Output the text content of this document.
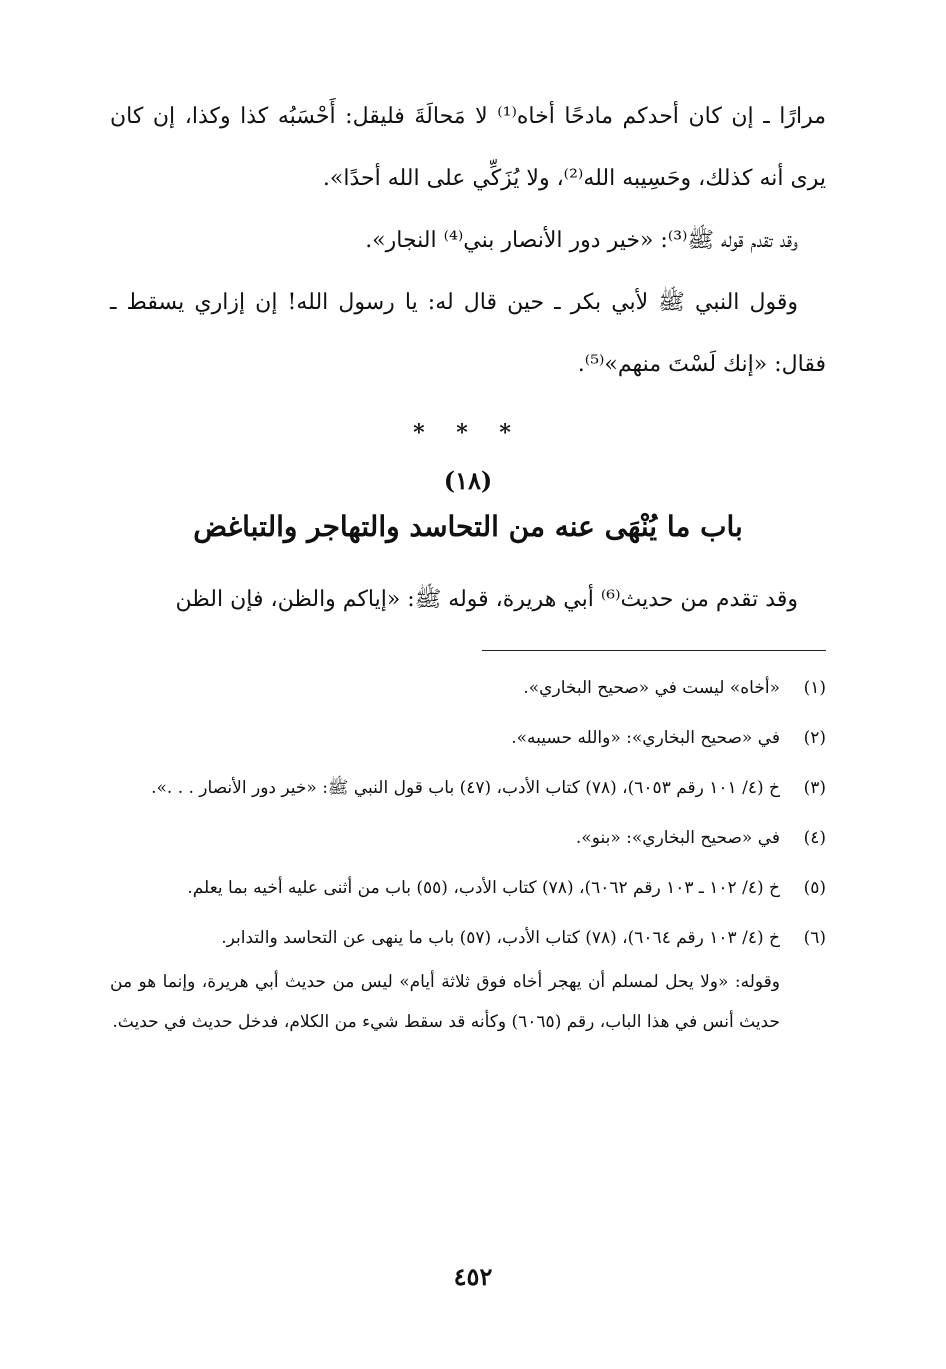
مرارًا ـ إن كان أحدكم مادحًا أخاه⁽¹⁾ لا مَحالَةَ فليقل: أَحْسَبُه كذا وكذا، إن كان يرى أنه كذلك، وحَسِيبه الله⁽²⁾، ولا يُزَكِّي على الله أحدًا».

وقد تقدم قوله ﷺ⁽³⁾: «خير دور الأنصار بني⁽⁴⁾ النجار».

وقول النبي ﷺ لأبي بكر ـ حين قال له: يا رسول الله! إن إزاري يسقط ـ فقال: «إنك لَسْتَ منهم»⁽⁵⁾.

* * *
(١٨)
باب ما يُنْهَى عنه من التحاسد والتهاجر والتباغض

وقد تقدم من حديث⁽⁶⁾ أبي هريرة، قوله ﷺ: «إياكم والظن، فإن الظن

(١)
«أخاه» ليست في «صحيح البخاري».
(٢)
في «صحيح البخاري»: «والله حسيبه».
(٣)
خ (٤/ ١٠١ رقم ٦٠٥٣)، (٧٨) كتاب الأدب، (٤٧) باب قول النبي ﷺ: «خير دور الأنصار . . .».
(٤)
في «صحيح البخاري»: «بنو».
(٥)
خ (٤/ ١٠٢ ـ ١٠٣ رقم ٦٠٦٢)، (٧٨) كتاب الأدب، (٥٥) باب من أثنى عليه أخيه بما يعلم.
(٦)
خ (٤/ ١٠٣ رقم ٦٠٦٤)، (٧٨) كتاب الأدب، (٥٧) باب ما ينهى عن التحاسد والتدابر.
وقوله: «ولا يحل لمسلم أن يهجر أخاه فوق ثلاثة أيام» ليس من حديث أبي هريرة، وإنما هو من حديث أنس في هذا الباب، رقم (٦٠٦٥) وكأنه قد سقط شيء من الكلام، فدخل حديث في حديث.
٤٥٢
